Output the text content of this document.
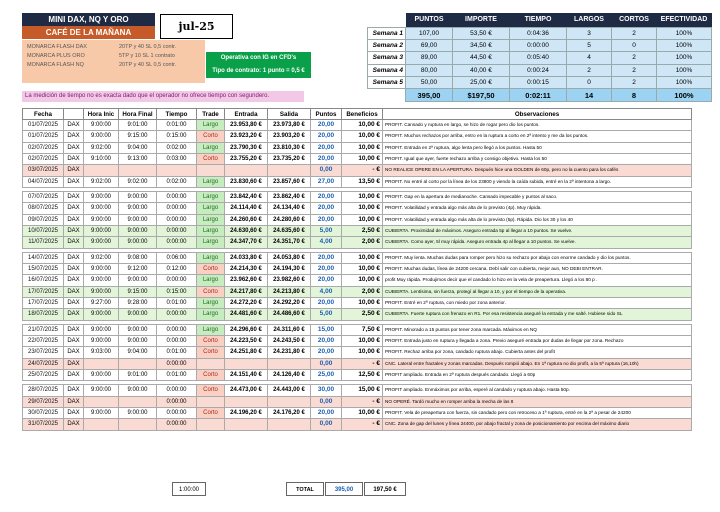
MINI DAX, NQ Y ORO
CAFÉ DE LA MAÑANA	jul-25
MONARCA FLASH DAX	20TP y 40 SL 0,5 contr.
MONARCA PLUS ORO	5TP y 10 SL 1 contrato
MONARCA FLASH NQ	20TP y 40 SL 0,5 contr.
Operativa con IG en CFD's
Tipo de contrato: 1 punto = 0,5 €
La medición de tiempo no es exacta dado que el operador no ofrece tiempo con segundero.
	PUNTOS	IMPORTE	TIEMPO	LARGOS	CORTOS	EFECTIVIDAD
Semana 1	107,00	53,50 €	0:04:36	3	2	100%
Semana 2	69,00	34,50 €	0:00:00	5	0	100%
Semana 3	89,00	44,50 €	0:05:40	4	2	100%
Semana 4	80,00	40,00 €	0:00:24	2	2	100%
Semana 5	50,00	25,00 €	0:00:15	0	2	100%
	395,00	$197,50	0:02:11	14	8	100%
Fecha		Hora Inic	Hora Final	Tiempo	Trade	Entrada	Salida	Puntos	Beneficios	Observaciones
01/07/2025	DAX	9:00:00	9:01:00	0:01:00	Largo	23.953,80 €	23.973,80 €	20,00	10,00 €	PROFIT. Cansado y ruptura en largo, se hizo de rogar pero dio los puntos.
01/07/2025	DAX	9:00:00	9:15:00	0:15:00	Corto	23.923,20 €	23.903,20 €	20,00	10,00 €	PROFIT. Muchos rechazos por arriba, entro en la ruptura a corto en 2ª intento y me da los puntos.
02/07/2025	DAX	9:02:00	9:04:00	0:02:00	Largo	23.790,30 €	23.810,30 €	20,00	10,00 €	PROFIT. Entrada en 2ª ruptura, algo lenta pero llegó a los puntos. Hasta 50
02/07/2025	DAX	9:10:00	9:13:00	0:03:00	Corto	23.755,20 €	23.735,20 €	20,00	10,00 €	PROFIT. Igual que ayer, fuerte rechazo arriba y consigo objetivo. Hasta los 50
03/07/2025	DAX							0,00	- €	NO REALICE OPERE EN LA APERTURA. Después hice una GOLDEN de 60p, pero no la cuento para los cafés
04/07/2025	DAX	9:02:00	9:02:00	0:02:00	Largo	23.830,60 €	23.857,60 €	27,00	13,50 €	PROFIT. No entré al corto por la línea de los 23800 y viendo la caída subida, entré en la 2ª intentona a largo.

07/07/2025	DAX	9:00:00	9:00:00	0:00:00	Largo	23.842,40 €	23.862,40 €	20,00	10,00 €	PROFIT. Gap en la apertura de medianoche. Cansado impecable y puntos al saco.
08/07/2025	DAX	9:00:00	9:00:00	0:00:00	Largo	24.114,40 €	24.134,40 €	20,00	10,00 €	PROFIT. Volatilidad y entrada algo más alta de lo previsto (4p). Muy rápida.
09/07/2025	DAX	9:00:00	9:00:00	0:00:00	Largo	24.260,60 €	24.280,60 €	20,00	10,00 €	PROFIT. Volatilidad y entrada algo más alta de lo previsto (5p). Rápida. Dio los 30 y los 40
10/07/2025	DAX	9:00:00	9:00:00	0:00:00	Largo	24.630,60 €	24.635,60 €	5,00	2,50 €	CUBIERTA. Proximidad de máximos. Aseguro entrada 5p al llegar a 10 puntos. Se vuelve.
11/07/2025	DAX	9:00:00	9:00:00	0:00:00	Largo	24.347,70 €	24.351,70 €	4,00	2,00 €	CUBIERTA. Como ayer, 5l muy rápida. Aseguro entrada 4p al llegar a 10 puntos. Se vuelve.

14/07/2025	DAX	9:02:00	9:08:00	0:06:00	Largo	24.033,80 €	24.053,80 €	20,00	10,00 €	PROFIT. Muy lenta. Muchas dudas para romper pero hizo su rechazo por abajo con enorme candado y dio los puntos.
15/07/2025	DAX	9:00:00	9:12:00	0:12:00	Corto	24.214,30 €	24.194,30 €	20,00	10,00 €	PROFIT. Muchas dudas, línea de 24200 cercana. Debí salir con cubierta, mejor aun, NO DEBI ENTRAR.
16/07/2025	DAX	9:00:00	9:00:00	0:00:00	Largo	23.962,60 €	23.982,60 €	20,00	10,00 €	profit Muy rápida. Produjimos decir que el candado lo hizo en la vela de preapertura. Llegó a los 80 p .
17/07/2025	DAX	9:00:00	9:15:00	0:15:00	Corto	24.217,80 €	24.213,80 €	4,00	2,00 €	CUBIERTA. Lentísima, sin fuerza, protegí al llegar a 10, y por el tiempo de la operativa.
17/07/2025	DAX	9:27:00	9:28:00	0:01:00	Largo	24.272,20 €	24.292,20 €	20,00	10,00 €	PROFIT. Entré en 2ª ruptura, con miedo por zona anterior.
18/07/2025	DAX	9:00:00	9:00:00	0:00:00	Largo	24.481,60 €	24.486,60 €	5,00	2,50 €	CUBIERTA. Fuerte ruptura con frenazo en R1. Por esa resistencia aseguré la entrada y me salté. Hubiese sido SL

21/07/2025	DAX	9:00:00	9:00:00	0:00:00	Largo	24.296,60 €	24.311,60 €	15,00	7,50 €	PROFIT. Minorado a 15 puntos por tener zona marcada. Máximos en NQ
22/07/2025	DAX	9:00:00	9:00:00	0:00:00	Corto	24.223,50 €	24.243,50 €	20,00	10,00 €	PROFIT. Entrada justo en ruptura y llegada a zona. Previo aseguré entrada por dudas de llegar por zona. Rechazo
23/07/2025	DAX	9:03:00	9:04:00	0:01:00	Corto	24.251,80 €	24.231,80 €	20,00	10,00 €	PROFIT. Rechaz arriba por zona, candado ruptura abajo. Cubierta antes del profit
24/07/2025	DAX			0:00:00				0,00	- €	CNC. Lateral entre fractales y zonas marcadas. Después rompió abajo. En 1ª ruptura no dio profit, a la 5ª ruptura (16,10h)
25/07/2025	DAX	9:00:00	9:01:00	0:01:00	Corto	24.151,40 €	24.126,40 €	25,00	12,50 €	PROFIT ampliado. Entrada en 2ª ruptura después candado. Llegó a 60p

28/07/2025	DAX	9:00:00	9:00:00	0:00:00	Corto	24.473,00 €	24.443,00 €	30,00	15,00 €	PROFIT ampliado. Enmáximos por arriba, esperé al candado y ruptura abajo. Hasta 50p.
29/07/2025	DAX			0:00:00				0,00	- €	NO OPERÉ. Tardó mucho en romper arriba la mecha de las 8
30/07/2025	DAX	9:00:00	9:00:00	0:00:00	Corto	24.196,20 €	24.176,20 €	20,00	10,00 €	PROFIT. Vela de preapertura con fuerza, sin candado pero con retroceso a 1ª ruptura, entré en la 2ª a pesar de 24200
31/07/2025	DAX			0:00:00				0,00	- €	CNC. Zona de gap del lunes y línea 24400, por abajo fractal y zona de posicionamiento por encima del máximo diario
1:00:00	TOTAL	395,00	197,50 €
